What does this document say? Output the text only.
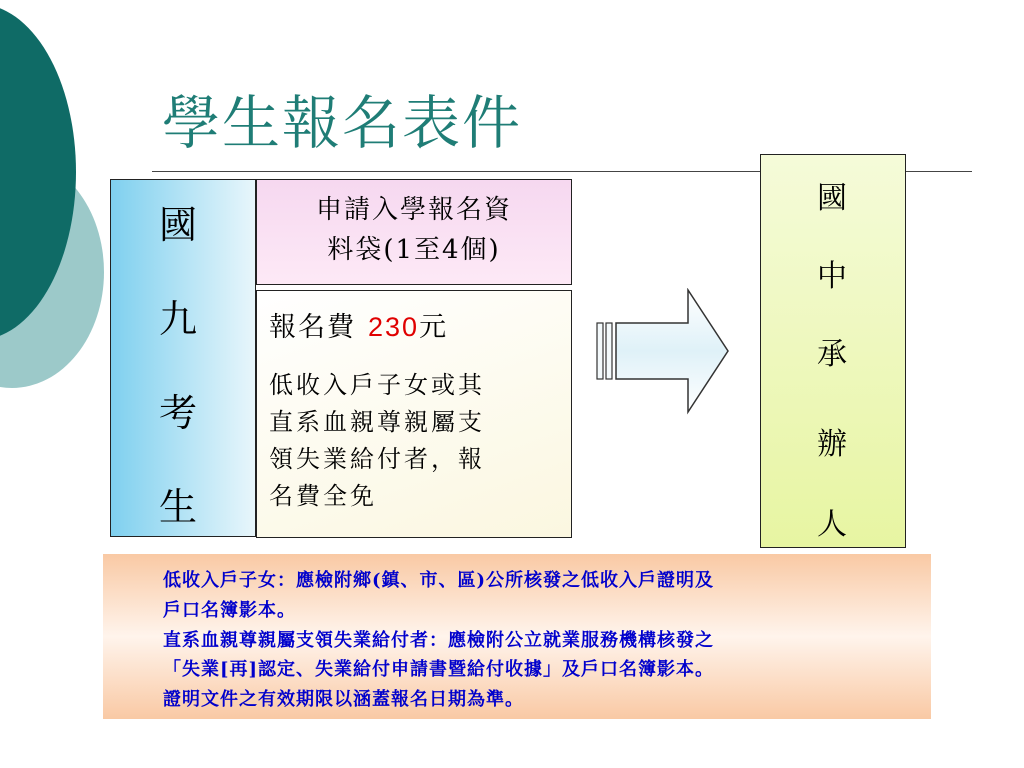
學生報名表件
國
九
考
生
申請入學報名資
料袋(1至4個)
報名費 230元
低收入戶子女或其
直系血親尊親屬支
領失業給付者，報
名費全免
國
中
承
辦
人
低收入戶子女：應檢附鄉(鎮、市、區)公所核發之低收入戶證明及
戶口名簿影本。
直系血親尊親屬支領失業給付者：應檢附公立就業服務機構核發之
「失業[再]認定、失業給付申請書暨給付收據」及戶口名簿影本。
證明文件之有效期限以涵蓋報名日期為準。
